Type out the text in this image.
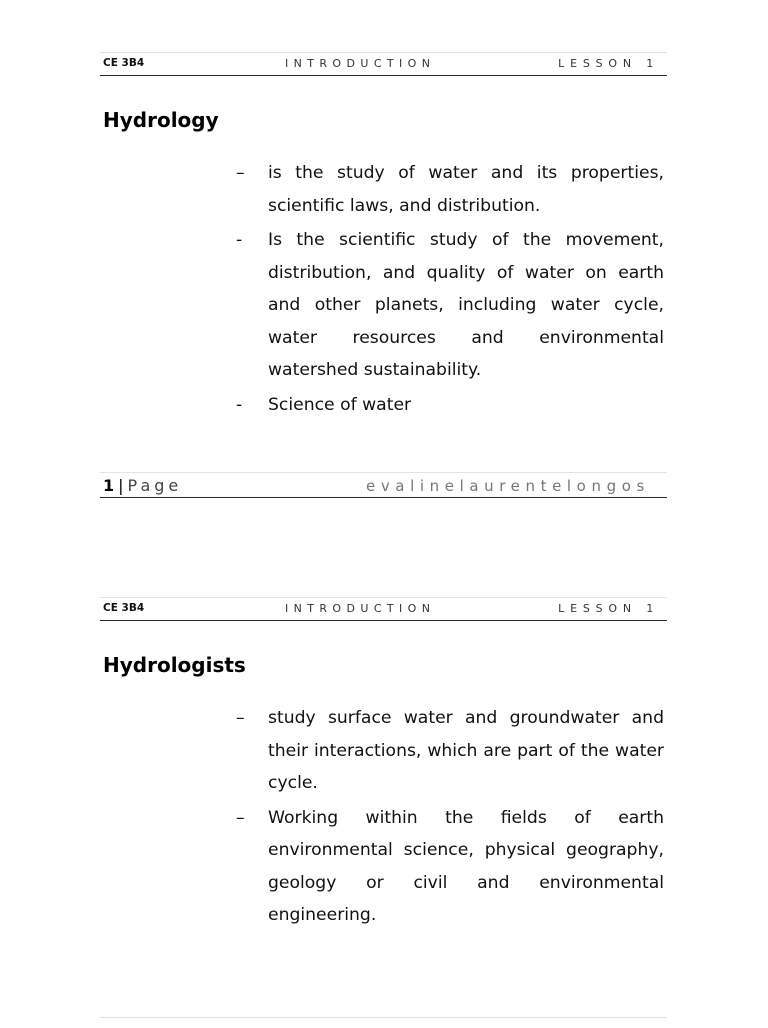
CE 3B4	INTRODUCTION	LESSON 1
Hydrology
–	is the study of water and its properties, scientific laws, and distribution.
-	Is the scientific study of the movement, distribution, and quality of water on earth and other planets, including water cycle, water resources and environmental watershed sustainability.
-	Science of water
1 | Page	evalinelaurentelongos
CE 3B4	INTRODUCTION	LESSON 1
Hydrologists
–	study surface water and groundwater and their interactions, which are part of the water cycle.
–	Working within the fields of earth environmental science, physical geography, geology or civil and environmental engineering.
